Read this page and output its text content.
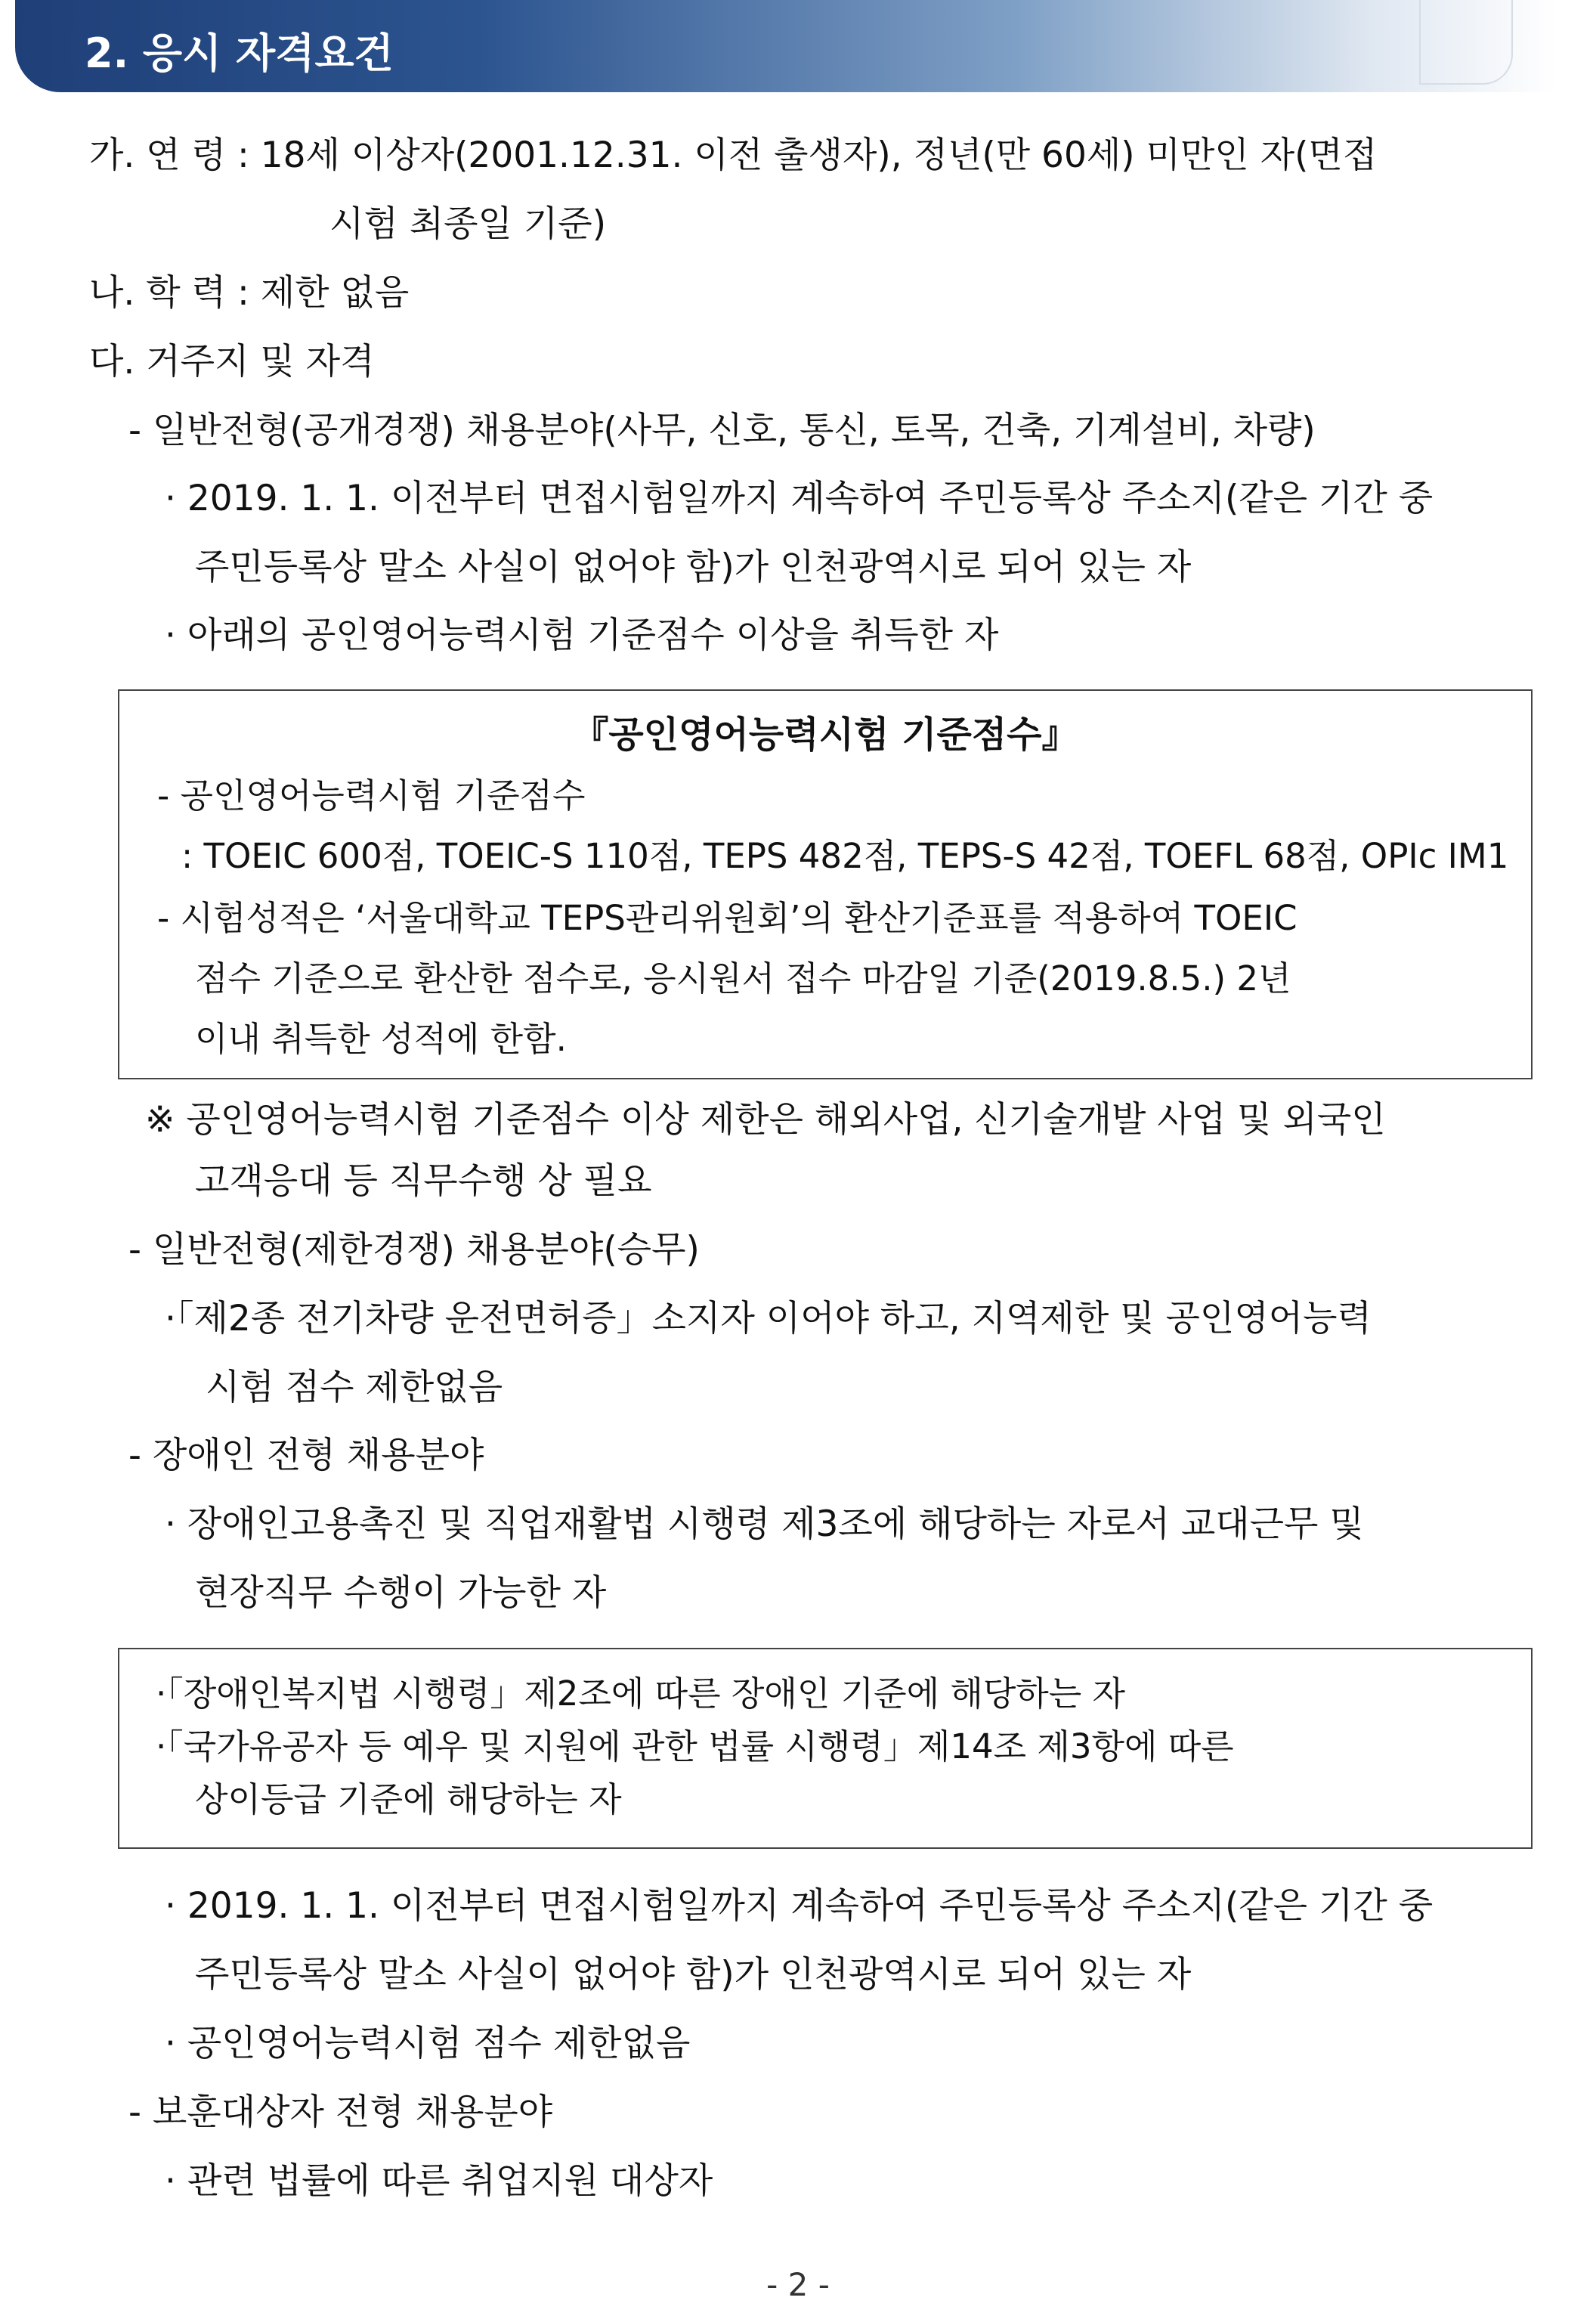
2. 응시 자격요건
가. 연 령 : 18세 이상자(2001.12.31. 이전 출생자), 정년(만 60세) 미만인 자(면접
시험 최종일 기준)
나. 학 력 : 제한 없음
다. 거주지 및 자격
- 일반전형(공개경쟁) 채용분야(사무, 신호, 통신, 토목, 건축, 기계설비, 차량)
· 2019. 1. 1. 이전부터 면접시험일까지 계속하여 주민등록상 주소지(같은 기간 중
주민등록상 말소 사실이 없어야 함)가 인천광역시로 되어 있는 자
· 아래의 공인영어능력시험 기준점수 이상을 취득한 자
『공인영어능력시험 기준점수』
- 공인영어능력시험 기준점수
: TOEIC 600점, TOEIC-S 110점, TEPS 482점, TEPS-S 42점, TOEFL 68점, OPIc IM1
- 시험성적은 ‘서울대학교 TEPS관리위원회’의 환산기준표를 적용하여 TOEIC
점수 기준으로 환산한 점수로, 응시원서 접수 마감일 기준(2019.8.5.) 2년
이내 취득한 성적에 한함.
※ 공인영어능력시험 기준점수 이상 제한은 해외사업, 신기술개발 사업 및 외국인
고객응대 등 직무수행 상 필요
- 일반전형(제한경쟁) 채용분야(승무)
·「제2종 전기차량 운전면허증」소지자 이어야 하고, 지역제한 및 공인영어능력
시험 점수 제한없음
- 장애인 전형 채용분야
· 장애인고용촉진 및 직업재활법 시행령 제3조에 해당하는 자로서 교대근무 및
현장직무 수행이 가능한 자
·「장애인복지법 시행령」제2조에 따른 장애인 기준에 해당하는 자
·「국가유공자 등 예우 및 지원에 관한 법률 시행령」제14조 제3항에 따른
상이등급 기준에 해당하는 자
· 2019. 1. 1. 이전부터 면접시험일까지 계속하여 주민등록상 주소지(같은 기간 중
주민등록상 말소 사실이 없어야 함)가 인천광역시로 되어 있는 자
· 공인영어능력시험 점수 제한없음
- 보훈대상자 전형 채용분야
· 관련 법률에 따른 취업지원 대상자
- 2 -
